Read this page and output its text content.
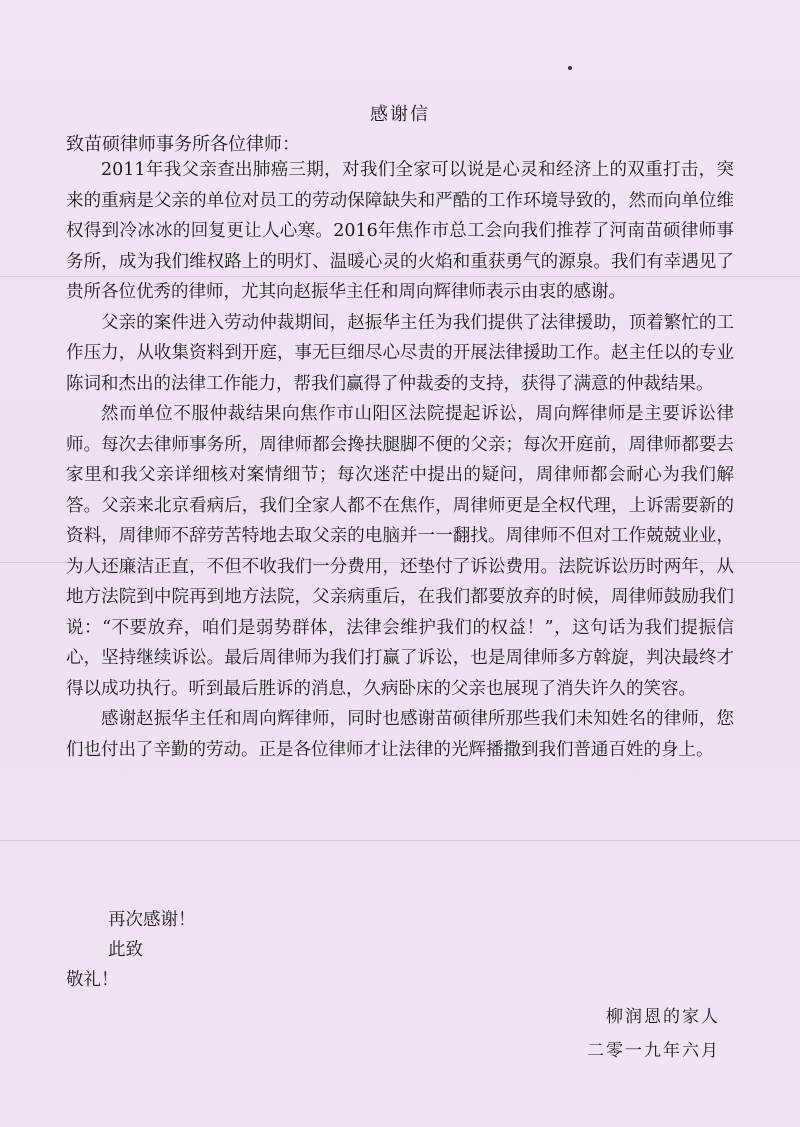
感谢信
致苗硕律师事务所各位律师：

2011年我父亲查出肺癌三期，对我们全家可以说是心灵和经济上的双重打击，突来的重病是父亲的单位对员工的劳动保障缺失和严酷的工作环境导致的，然而向单位维权得到冷冰冰的回复更让人心寒。2016年焦作市总工会向我们推荐了河南苗硕律师事务所，成为我们维权路上的明灯、温暖心灵的火焰和重获勇气的源泉。我们有幸遇见了贵所各位优秀的律师，尤其向赵振华主任和周向辉律师表示由衷的感谢。

父亲的案件进入劳动仲裁期间，赵振华主任为我们提供了法律援助，顶着繁忙的工作压力，从收集资料到开庭，事无巨细尽心尽责的开展法律援助工作。赵主任以的专业陈词和杰出的法律工作能力，帮我们赢得了仲裁委的支持，获得了满意的仲裁结果。

然而单位不服仲裁结果向焦作市山阳区法院提起诉讼，周向辉律师是主要诉讼律师。每次去律师事务所，周律师都会搀扶腿脚不便的父亲；每次开庭前，周律师都要去家里和我父亲详细核对案情细节；每次迷茫中提出的疑问，周律师都会耐心为我们解答。父亲来北京看病后，我们全家人都不在焦作，周律师更是全权代理，上诉需要新的资料，周律师不辞劳苦特地去取父亲的电脑并一一翻找。周律师不但对工作兢兢业业，为人还廉洁正直，不但不收我们一分费用，还垫付了诉讼费用。法院诉讼历时两年，从地方法院到中院再到地方法院，父亲病重后，在我们都要放弃的时候，周律师鼓励我们说：“不要放弃，咱们是弱势群体，法律会维护我们的权益！”，这句话为我们提振信心，坚持继续诉讼。最后周律师为我们打赢了诉讼，也是周律师多方斡旋，判决最终才得以成功执行。听到最后胜诉的消息，久病卧床的父亲也展现了消失许久的笑容。

感谢赵振华主任和周向辉律师，同时也感谢苗硕律所那些我们未知姓名的律师，您们也付出了辛勤的劳动。正是各位律师才让法律的光辉播撒到我们普通百姓的身上。

再次感谢！
此致
敬礼！
柳润恩的家人
二零一九年六月
